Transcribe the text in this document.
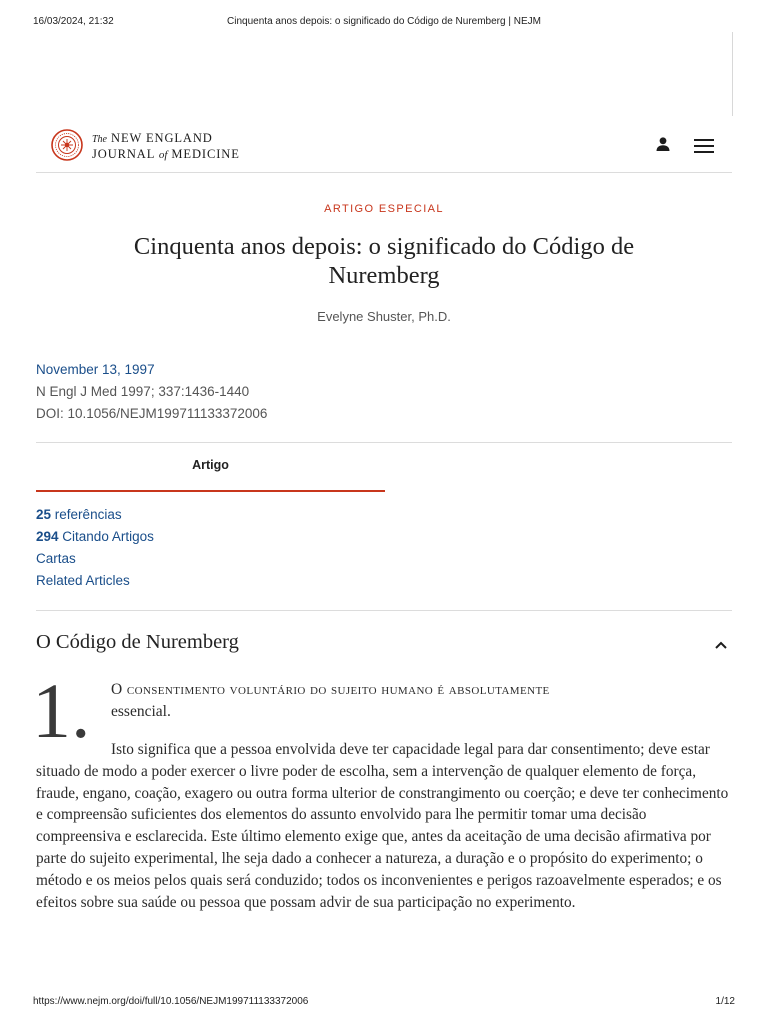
16/03/2024, 21:32	Cinquenta anos depois: o significado do Código de Nuremberg | NEJM
The NEW ENGLAND
JOURNAL of MEDICINE
ARTIGO ESPECIAL
Cinquenta anos depois: o significado do Código de Nuremberg
Evelyne Shuster, Ph.D.
November 13, 1997
N Engl J Med 1997; 337:1436-1440
DOI: 10.1056/NEJM199711133372006
Artigo
25 referências
294 Citando Artigos
Cartas
Related Articles
O Código de Nuremberg
1. O consentimento voluntário do sujeito humano é absolutamente
essencial.

Isto significa que a pessoa envolvida deve ter capacidade legal para dar consentimento; deve estar situado de modo a poder exercer o livre poder de escolha, sem a intervenção de qualquer elemento de força, fraude, engano, coação, exagero ou outra forma ulterior de constrangimento ou coerção; e deve ter conhecimento e compreensão suficientes dos elementos do assunto envolvido para lhe permitir tomar uma decisão compreensiva e esclarecida. Este último elemento exige que, antes da aceitação de uma decisão afirmativa por parte do sujeito experimental, lhe seja dado a conhecer a natureza, a duração e o propósito do experimento; o método e os meios pelos quais será conduzido; todos os inconvenientes e perigos razoavelmente esperados; e os efeitos sobre sua saúde ou pessoa que possam advir de sua participação no experimento.

https://www.nejm.org/doi/full/10.1056/NEJM199711133372006	1/12
